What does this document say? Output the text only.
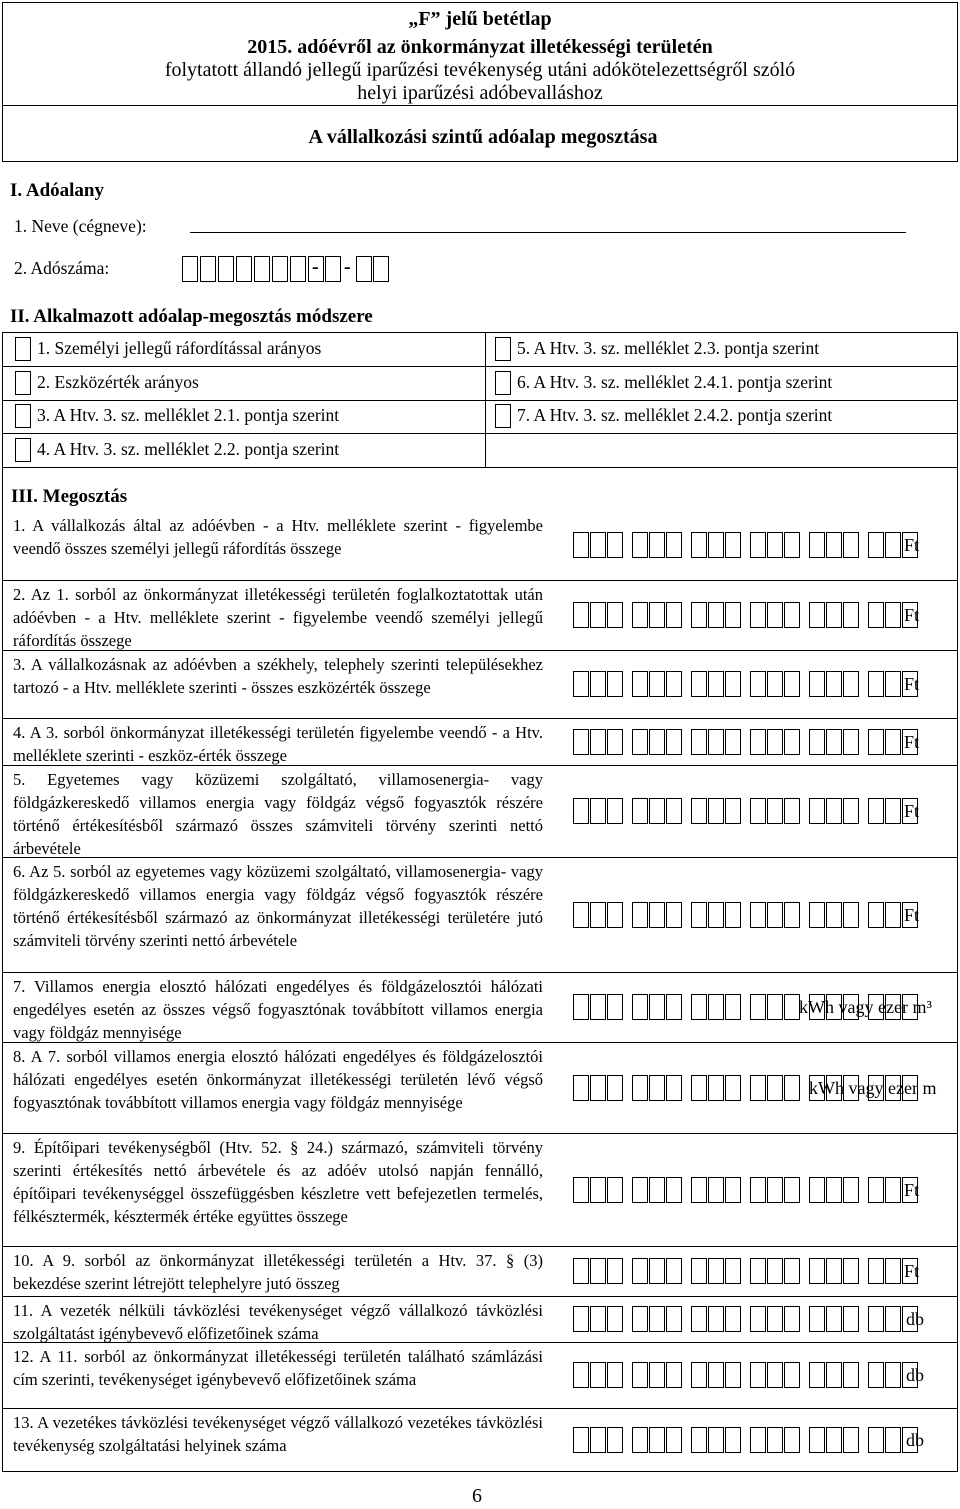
„F” jelű betétlap
2015. adóévről az önkormányzat illetékességi területén
folytatott állandó jellegű iparűzési tevékenység utáni adókötelezettségről szóló
helyi iparűzési adóbevalláshoz
A vállalkozási szintű adóalap megosztása
I. Adóalany
1. Neve (cégneve):
2. Adószáma:	- -
II. Alkalmazott adóalap-megosztás módszere
1. Személyi jellegű ráfordítással arányos
2. Eszközérték arányos
3. A Htv. 3. sz. melléklet 2.1. pontja szerint
4. A Htv. 3. sz. melléklet 2.2. pontja szerint
5. A Htv. 3. sz. melléklet 2.3. pontja szerint
6. A Htv. 3. sz. melléklet 2.4.1. pontja szerint
7. A Htv. 3. sz. melléklet 2.4.2. pontja szerint
III. Megosztás
1. A vállalkozás által az adóévben - a Htv. melléklete szerint - figyelembe veendő összes személyi jellegű ráfordítás összege	Ft
2. Az 1. sorból az önkormányzat illetékességi területén foglalkoztatottak után adóévben - a Htv. melléklete szerint - figyelembe veendő személyi jellegű ráfordítás összege
Ft
3. A vállalkozásnak az adóévben a székhely, telephely szerinti településekhez tartozó - a Htv. melléklete szerinti - összes eszközérték összege	Ft
4. A 3. sorból önkormányzat illetékességi területén figyelembe veendő - a Htv. melléklete szerinti - eszköz-érték összege
Ft
5. Egyetemes vagy közüzemi szolgáltató, villamosenergia- vagy földgázkereskedő villamos energia vagy földgáz végső fogyasztók részére történő értékesítésből származó összes számviteli törvény szerinti nettó árbevétele
Ft
6. Az 5. sorból az egyetemes vagy közüzemi szolgáltató, villamosenergia- vagy földgázkereskedő villamos energia vagy földgáz végső fogyasztók részére történő értékesítésből származó az önkormányzat illetékességi területére jutó számviteli törvény szerinti nettó árbevétele
Ft
7. Villamos energia elosztó hálózati engedélyes és földgázelosztói hálózati engedélyes esetén az összes végső fogyasztónak továbbított villamos energia vagy földgáz mennyisége
kWh vagy ezer m³
8. A 7. sorból villamos energia elosztó hálózati engedélyes és földgázelosztói hálózati engedélyes esetén önkormányzat illetékességi területén lévő végső fogyasztónak továbbított villamos energia vagy földgáz mennyisége
kWh vagy ezer m
9. Építőipari tevékenységből (Htv. 52. § 24.) származó, számviteli törvény szerinti értékesítés nettó árbevétele és az adóév utolsó napján fennálló, építőipari tevékenységgel összefüggésben készletre vett befejezetlen termelés, félkésztermék, késztermék értéke együttes összege
Ft
10. A 9. sorból az önkormányzat illetékességi területén a Htv. 37. § (3) bekezdése szerint létrejött telephelyre jutó összeg
Ft
11. A vezeték nélküli távközlési tevékenységet végző vállalkozó távközlési szolgáltatást igénybevevő előfizetőinek száma
db
12. A 11. sorból az önkormányzat illetékességi területén található számlázási cím szerinti, tevékenységet igénybevevő előfizetőinek száma	db
13. A vezetékes távközlési tevékenységet végző vállalkozó vezetékes távközlési tevékenység szolgáltatási helyinek száma	db
6
